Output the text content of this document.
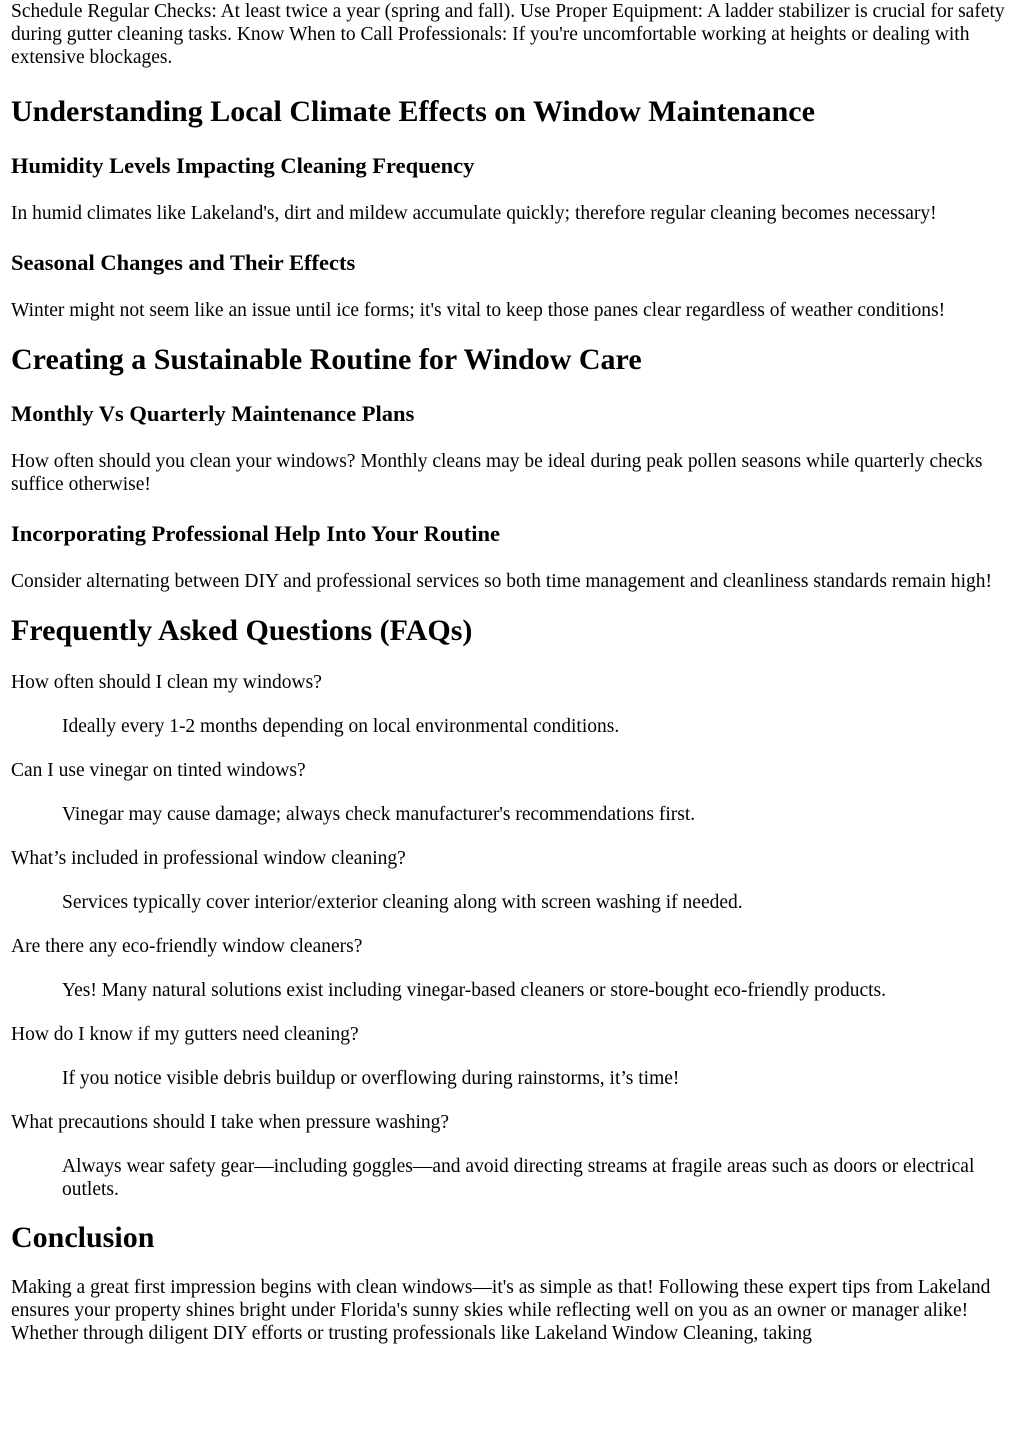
Schedule Regular Checks: At least twice a year (spring and fall). Use Proper Equipment: A ladder stabilizer is crucial for safety during gutter cleaning tasks. Know When to Call Professionals: If you're uncomfortable working at heights or dealing with extensive blockages.

Understanding Local Climate Effects on Window Maintenance
Humidity Levels Impacting Cleaning Frequency

In humid climates like Lakeland's, dirt and mildew accumulate quickly; therefore regular cleaning becomes necessary!

Seasonal Changes and Their Effects

Winter might not seem like an issue until ice forms; it's vital to keep those panes clear regardless of weather conditions!

Creating a Sustainable Routine for Window Care
Monthly Vs Quarterly Maintenance Plans

How often should you clean your windows? Monthly cleans may be ideal during peak pollen seasons while quarterly checks suffice otherwise!

Incorporating Professional Help Into Your Routine

Consider alternating between DIY and professional services so both time management and cleanliness standards remain high!

Frequently Asked Questions (FAQs)
How often should I clean my windows?
Ideally every 1-2 months depending on local environmental conditions.
Can I use vinegar on tinted windows?
Vinegar may cause damage; always check manufacturer's recommendations first.
What’s included in professional window cleaning?
Services typically cover interior/exterior cleaning along with screen washing if needed.
Are there any eco-friendly window cleaners?
Yes! Many natural solutions exist including vinegar-based cleaners or store-bought eco-friendly products.
How do I know if my gutters need cleaning?
If you notice visible debris buildup or overflowing during rainstorms, it’s time!
What precautions should I take when pressure washing?
Always wear safety gear—including goggles—and avoid directing streams at fragile areas such as doors or electrical outlets.
Conclusion

Making a great first impression begins with clean windows—it's as simple as that! Following these expert tips from Lakeland ensures your property shines bright under Florida's sunny skies while reflecting well on you as an owner or manager alike! Whether through diligent DIY efforts or trusting professionals like Lakeland Window Cleaning, taking
